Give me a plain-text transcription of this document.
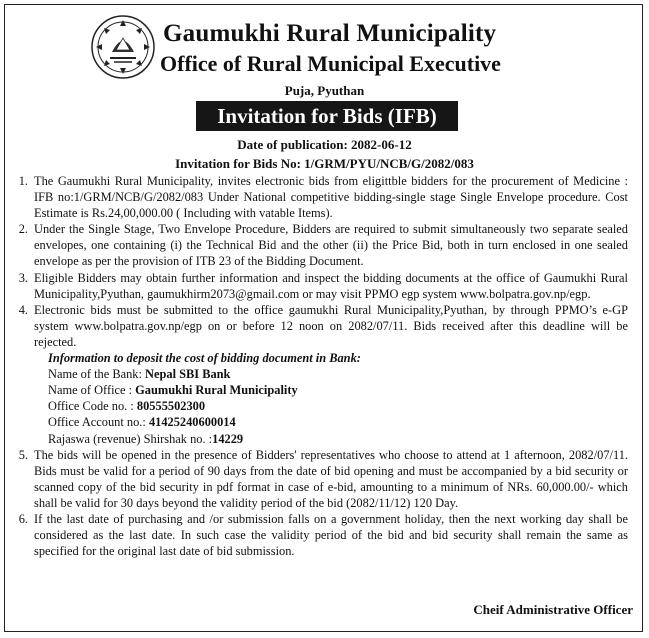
Gaumukhi Rural Municipality
Office of Rural Municipal Executive
Puja, Pyuthan
Invitation for Bids (IFB)
Date of publication: 2082-06-12
Invitation for Bids No: 1/GRM/PYU/NCB/G/2082/083
1. The Gaumukhi Rural Municipality, invites electronic bids from eligittble bidders for the procurement of Medicine : IFB no:1/GRM/NCB/G/2082/083 Under National competitive bidding-single stage Single Envelope procedure. Cost Estimate is Rs.24,00,000.00 ( Including with vatable Items).
2. Under the Single Stage, Two Envelope Procedure, Bidders are required to submit simultaneously two separate sealed envelopes, one containing (i) the Technical Bid and the other (ii) the Price Bid, both in turn enclosed in one sealed envelope as per the provision of ITB 23 of the Bidding Document.
3. Eligible Bidders may obtain further information and inspect the bidding documents at the office of Gaumukhi Rural Municipality,Pyuthan, gaumukhirm2073@gmail.com or may visit PPMO egp system www.bolpatra.gov.np/egp.
4. Electronic bids must be submitted to the office gaumukhi Rural Municipality,Pyuthan, by through PPMO’s e-GP system www.bolpatra.gov.np/egp on or before 12 noon on 2082/07/11. Bids received after this deadline will be rejected.
Information to deposit the cost of bidding document in Bank:
Name of the Bank: Nepal SBI Bank
Name of Office : Gaumukhi Rural Municipality
Office Code no. : 80555502300
Office Account no.: 41425240600014
Rajaswa (revenue) Shirshak no. :14229
5. The bids will be opened in the presence of Bidders' representatives who choose to attend at 1 afternoon, 2082/07/11. Bids must be valid for a period of 90 days from the date of bid opening and must be accompanied by a bid security or scanned copy of the bid security in pdf format in case of e-bid, amounting to a minimum of NRs. 60,000.00/- which shall be valid for 30 days beyond the validity period of the bid (2082/11/12) 120 Day.
6. If the last date of purchasing and /or submission falls on a government holiday, then the next working day shall be considered as the last date. In such case the validity period of the bid and bid security shall remain the same as specified for the original last date of bid submission.
Cheif Administrative Officer
